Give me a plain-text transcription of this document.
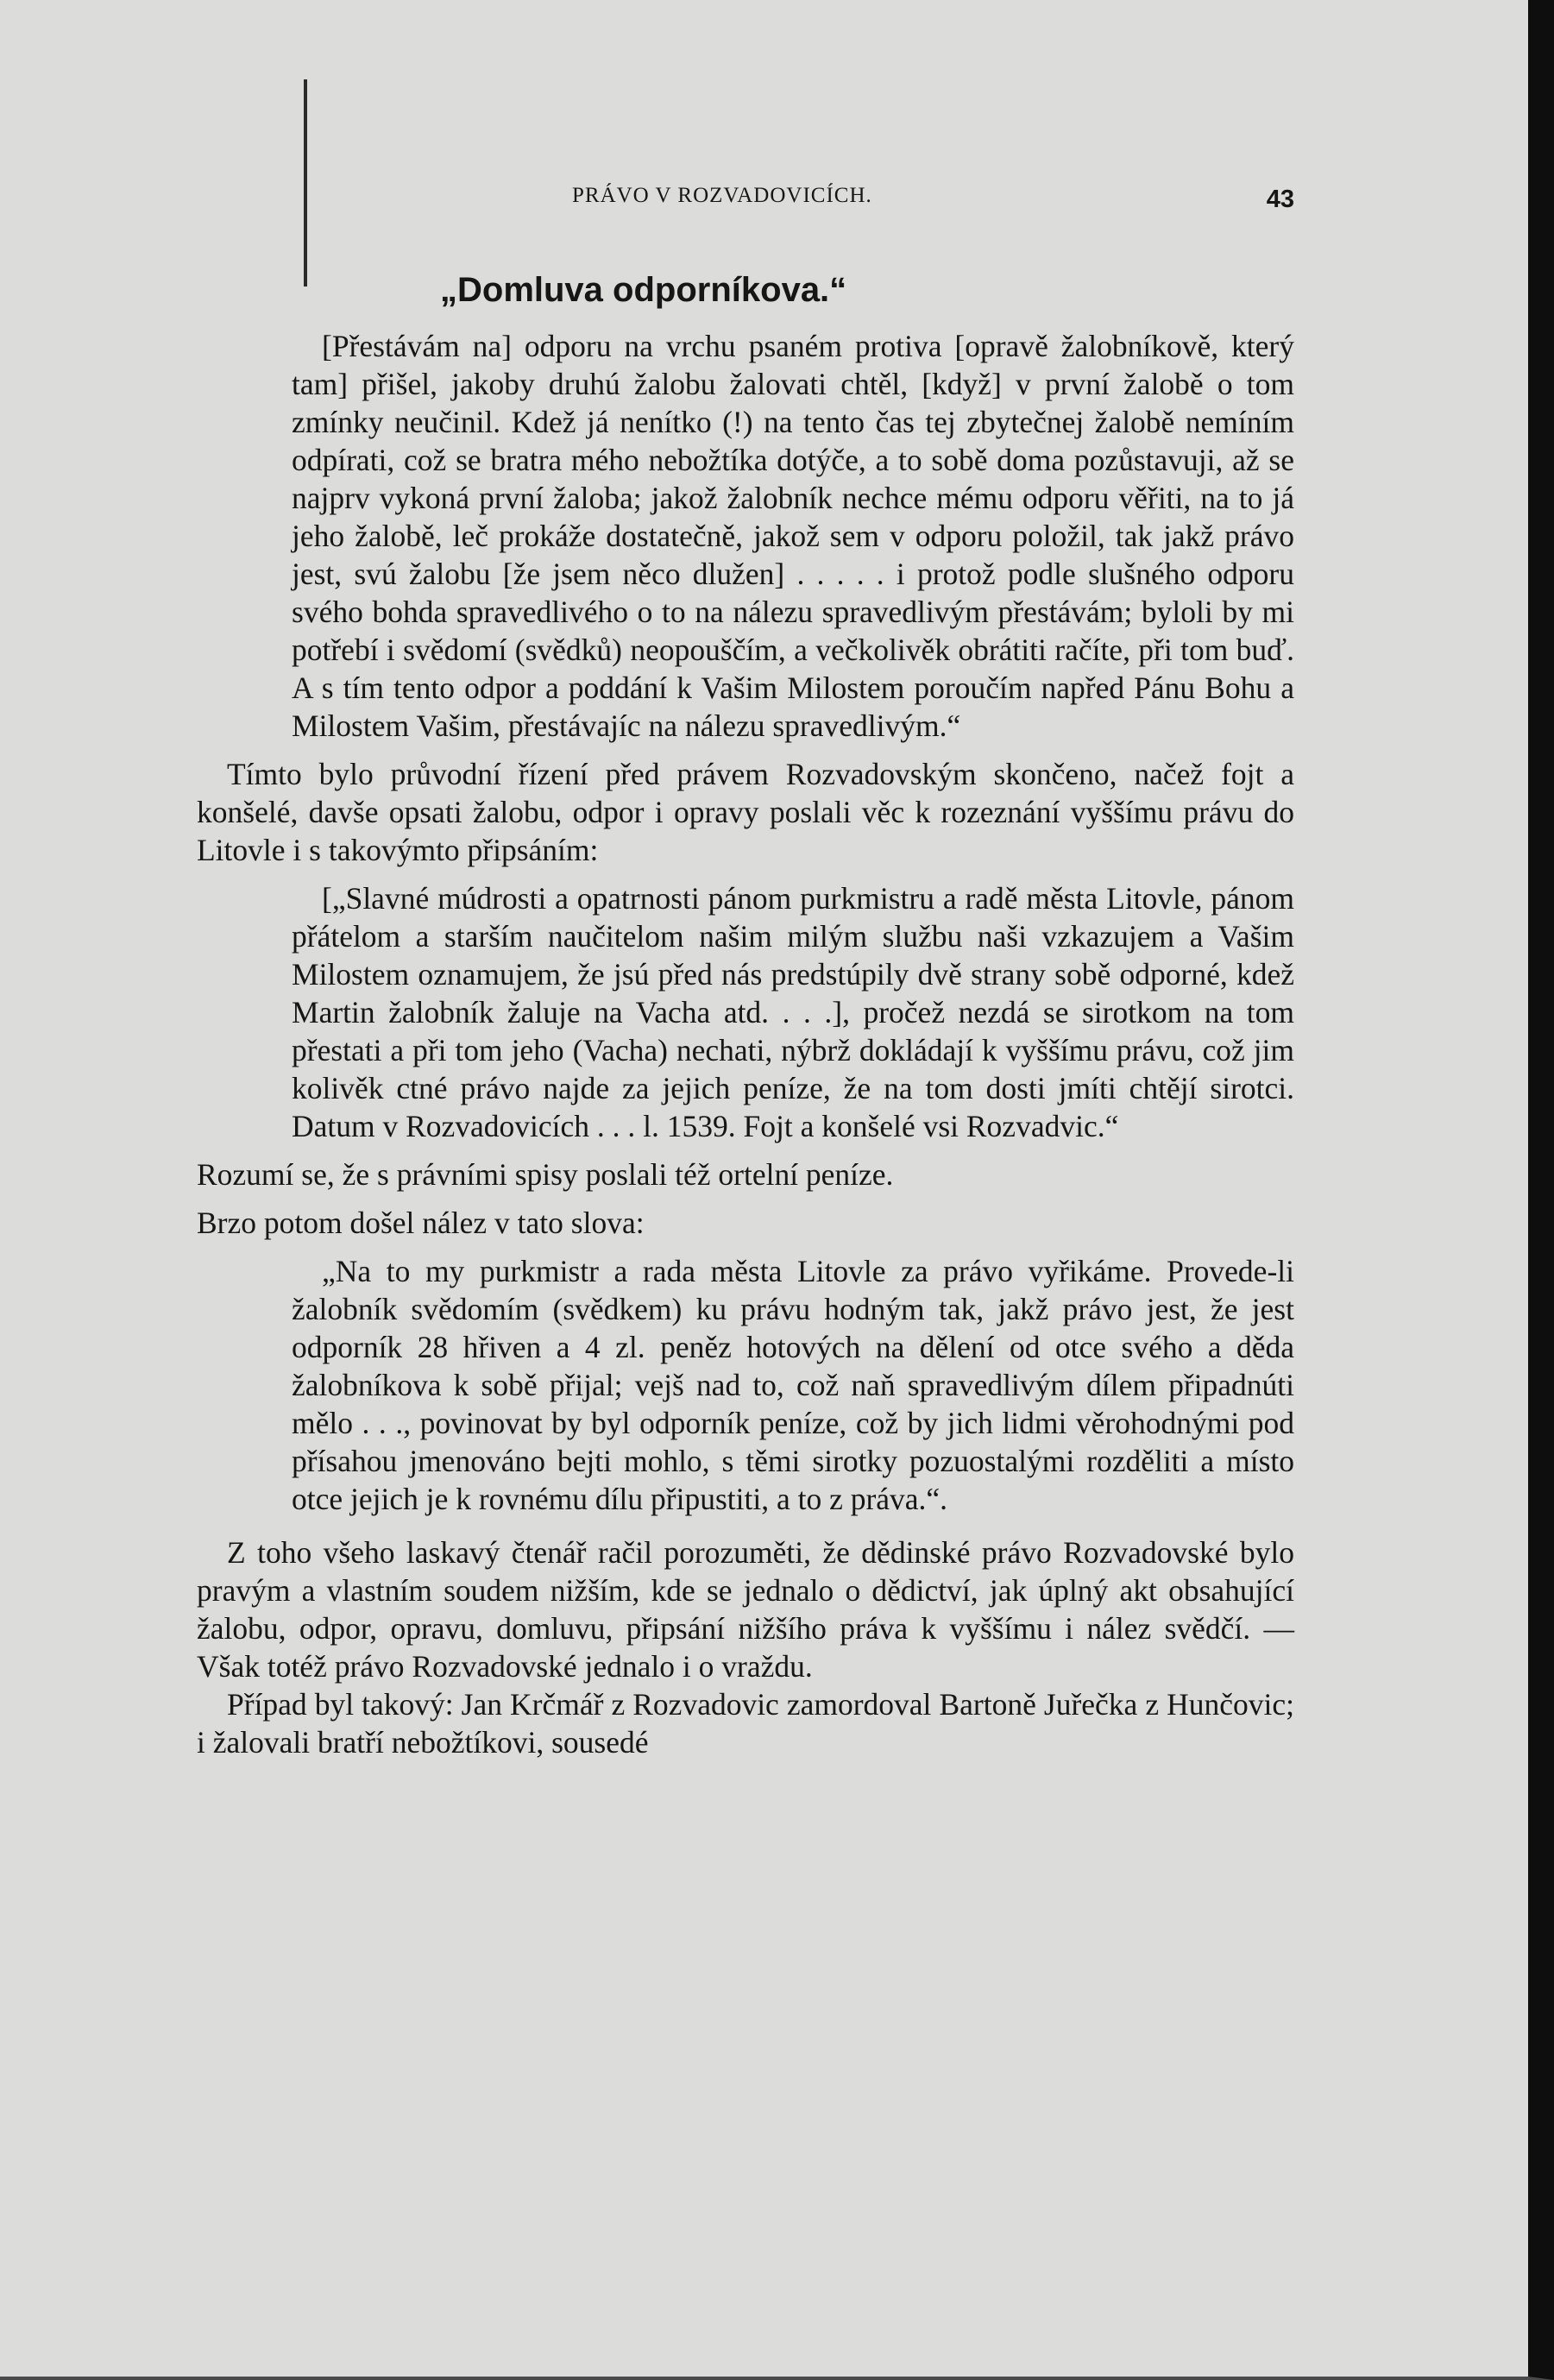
PRÁVO V ROZVADOVICÍCH.	43
„Domluva odporníkova.“

[Přestávám na] odporu na vrchu psaném protiva [opravě žalobníkově, který tam] přišel, jakoby druhú žalobu žalovati chtěl, [když] v první žalobě o tom zmínky neučinil. Kdež já nenítko (!) na tento čas tej zbytečnej žalobě nemíním odpírati, což se bratra mého nebožtíka dotýče, a to sobě doma pozůstavuji, až se najprv vykoná první žaloba; jakož žalobník nechce mému odporu věřiti, na to já jeho žalobě, leč prokáže dostatečně, jakož sem v odporu položil, tak jakž právo jest, svú žalobu [že jsem něco dlužen] . . . . . i protož podle slušného odporu svého bohda spravedlivého o to na nálezu spravedlivým přestávám; byloli by mi potřebí i svědomí (svědků) neopouščím, a večkolivěk obrátiti račíte, při tom buď. A s tím tento odpor a poddání k Vašim Milostem poroučím napřed Pánu Bohu a Milostem Vašim, přestávajíc na nálezu spravedlivým.“

Tímto bylo průvodní řízení před právem Rozvadovským skončeno, načež fojt a konšelé, davše opsati žalobu, odpor i opravy poslali věc k rozeznání vyššímu právu do Litovle i s takovýmto připsáním:

[„Slavné múdrosti a opatrnosti pánom purkmistru a radě města Litovle, pánom přátelom a starším naučitelom našim milým službu naši vzkazujem a Vašim Milostem oznamujem, že jsú před nás predstúpily dvě strany sobě odporné, kdež Martin žalobník žaluje na Vacha atd. . . .], pročež nezdá se sirotkom na tom přestati a při tom jeho (Vacha) nechati, nýbrž dokládají k vyššímu právu, což jim kolivěk ctné právo najde za jejich peníze, že na tom dosti jmíti chtějí sirotci. Datum v Rozvadovicích . . . l. 1539. Fojt a konšelé vsi Rozvadvic.“

Rozumí se, že s právními spisy poslali též ortelní peníze.

Brzo potom došel nález v tato slova:

„Na to my purkmistr a rada města Litovle za právo vyřikáme. Provede-li žalobník svědomím (svědkem) ku právu hodným tak, jakž právo jest, že jest odporník 28 hřiven a 4 zl. peněz hotových na dělení od otce svého a děda žalobníkova k sobě přijal; vejš nad to, což naň spravedlivým dílem připadnúti mělo . . ., povinovat by byl odporník peníze, což by jich lidmi věrohodnými pod přísahou jmenováno bejti mohlo, s těmi sirotky pozuostalými rozděliti a místo otce jejich je k rovnému dílu připustiti, a to z práva.“.

Z toho všeho laskavý čtenář račil porozuměti, že dědinské právo Rozvadovské bylo pravým a vlastním soudem nižším, kde se jednalo o dědictví, jak úplný akt obsahující žalobu, odpor, opravu, domluvu, připsání nižšího práva k vyššímu i nález svědčí. — Však totéž právo Rozvadovské jednalo i o vraždu.

Případ byl takový: Jan Krčmář z Rozvadovic zamordoval Bartoně Juřečka z Hunčovic; i žalovali bratří nebožtíkovi, sousedé
